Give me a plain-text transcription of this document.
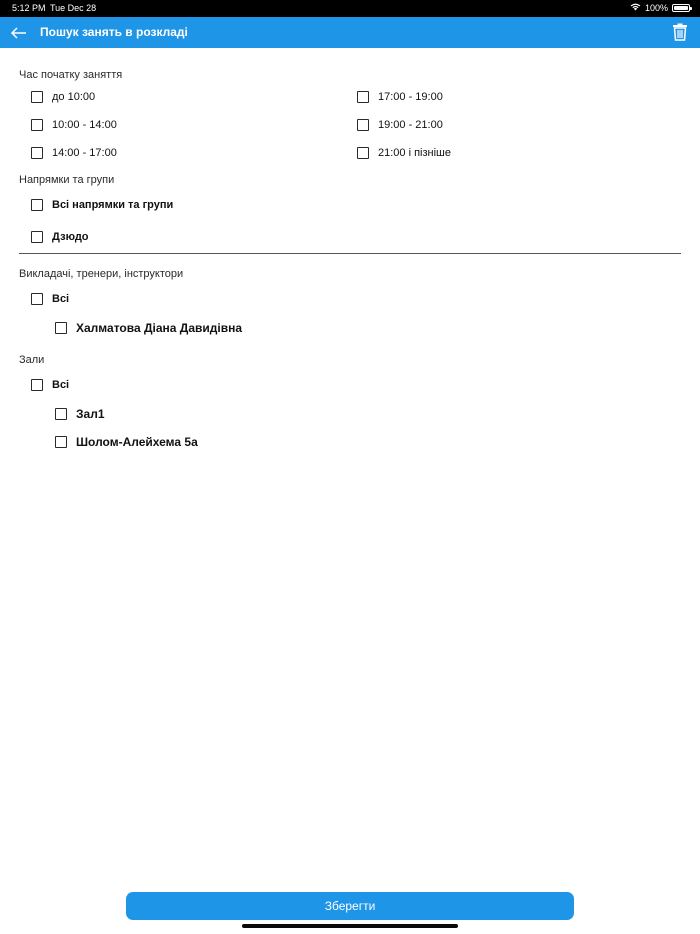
5:12 PM Tue Dec 28	100%
Пошук занять в розкладі
Час початку заняття
до 10:00
10:00 - 14:00
14:00 - 17:00
17:00 - 19:00
19:00 - 21:00
21:00 і пізніше
Напрямки та групи
Всі напрямки та групи
Дзюдо
Викладачі, тренери, інструктори
Всі
Халматова Діана Давидівна
Зали
Всі
Зал1
Шолом-Алейхема 5а
Зберегти
